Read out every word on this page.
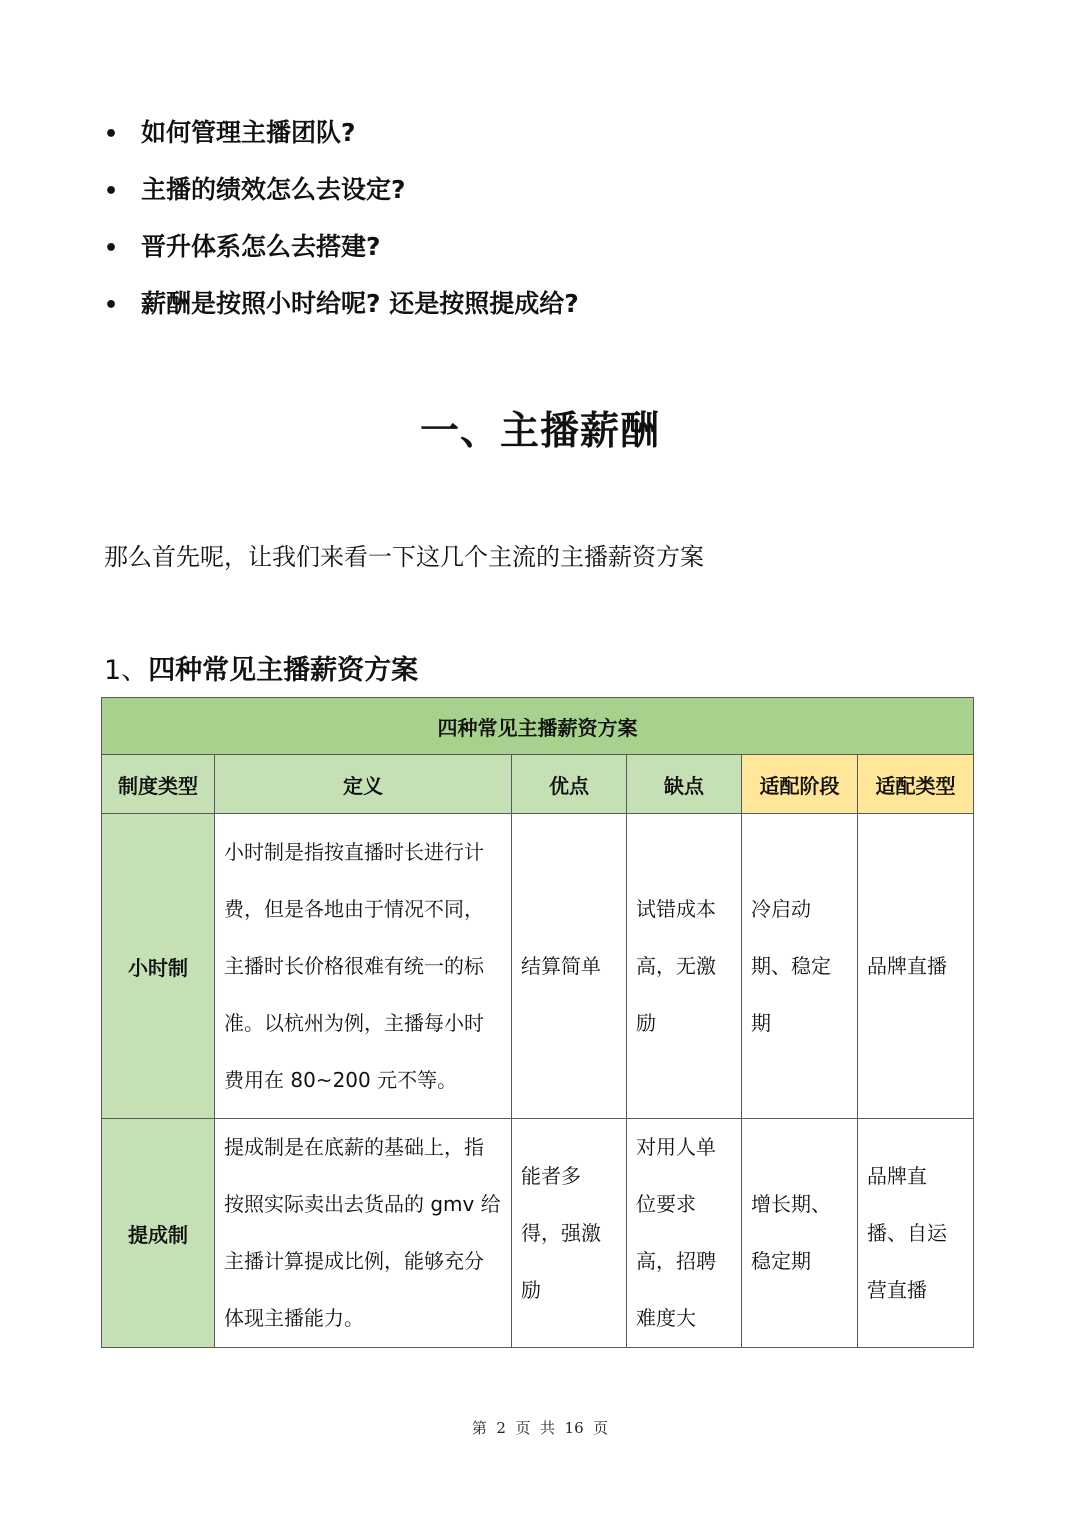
• 如何管理主播团队?
• 主播的绩效怎么去设定?
• 晋升体系怎么去搭建?
• 薪酬是按照小时给呢? 还是按照提成给?
一、主播薪酬
那么首先呢，让我们来看一下这几个主流的主播薪资方案
1、四种常见主播薪资方案
四种常见主播薪资方案					
制度类型	定义	优点	缺点	适配阶段	适配类型
小时制	小时制是指按直播时长进行计费，但是各地由于情况不同，主播时长价格很难有统一的标准。以杭州为例，主播每小时费用在 80~200 元不等。	结算简单	试错成本高，无激励	冷启动期、稳定期	品牌直播
提成制	提成制是在底薪的基础上，指按照实际卖出去货品的 gmv 给主播计算提成比例，能够充分体现主播能力。	能者多得，强激励	对用人单位要求高，招聘难度大	增长期、稳定期	品牌直播、自运营直播
第  2  页  共  16  页
